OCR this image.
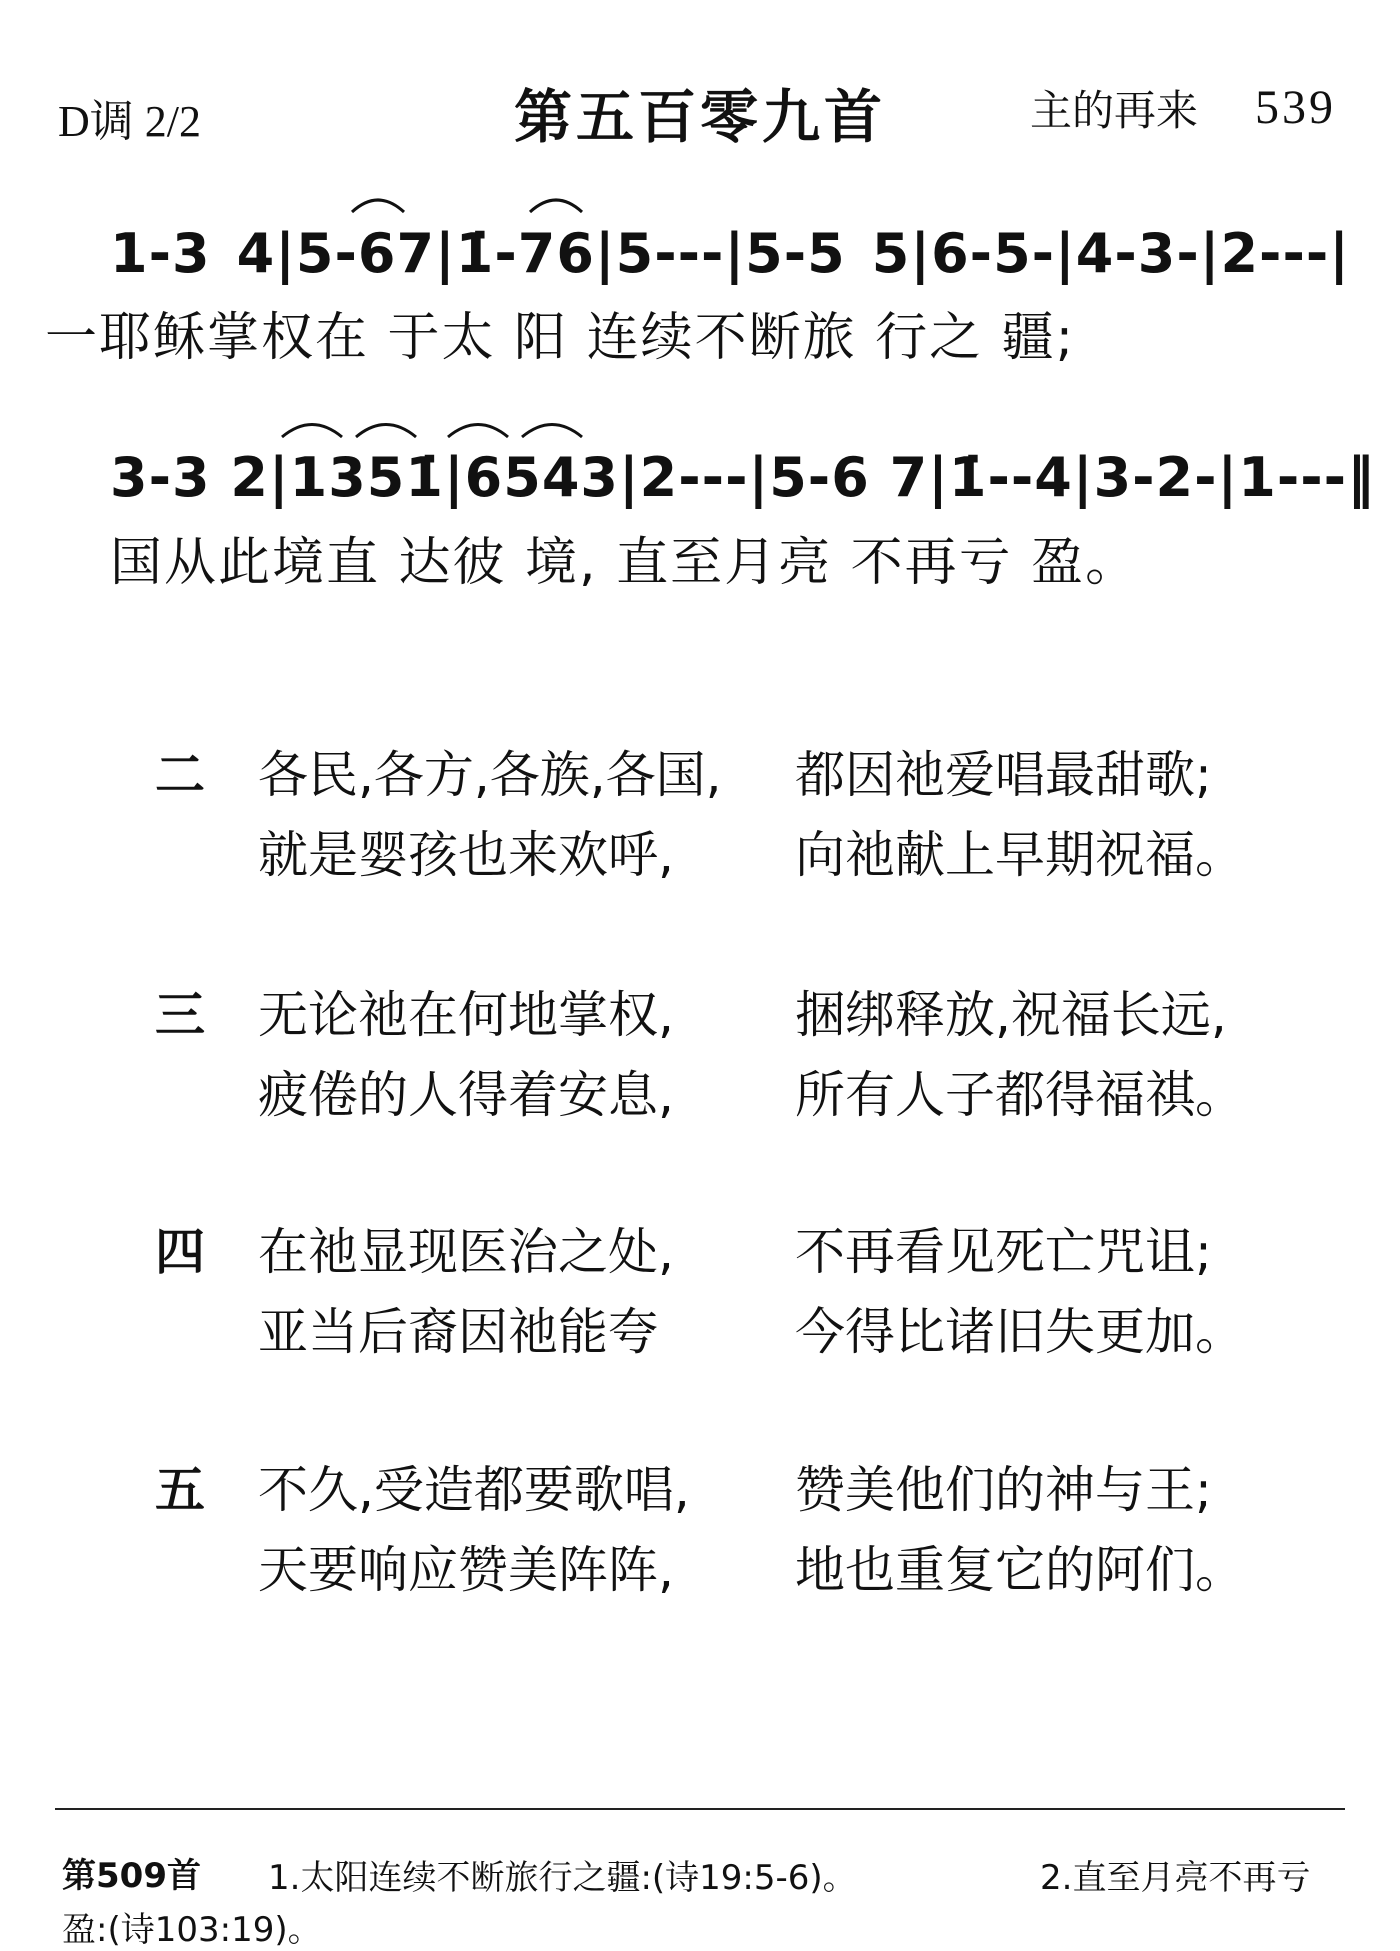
D调 2/2	第五百零九首	主的再来 539
1-3 4|5-67|1̇-76|5---|5-5 5|6-5-|4-3-|2---|
一耶稣掌权在 于太 阳 连续不断旅 行之 疆;
3-3 2|1351̇|6543|2---|5-6 7|1̇--4|3-2-|1---‖
国从此境直 达彼 境, 直至月亮 不再亏 盈。
二 各民,各方,各族,各国, 都因祂爱唱最甜歌;
就是婴孩也来欢呼, 向祂献上早期祝福。
三 无论祂在何地掌权, 捆绑释放,祝福长远,
疲倦的人得着安息, 所有人子都得福祺。
四 在祂显现医治之处, 不再看见死亡咒诅;
亚当后裔因祂能夸	今得比诸旧失更加。
五 不久,受造都要歌唱, 赞美他们的神与王;
天要响应赞美阵阵, 地也重复它的阿们。
第509首 1.太阳连续不断旅行之疆:(诗19:5-6)。	2.直至月亮不再亏
盈:(诗103:19)。
